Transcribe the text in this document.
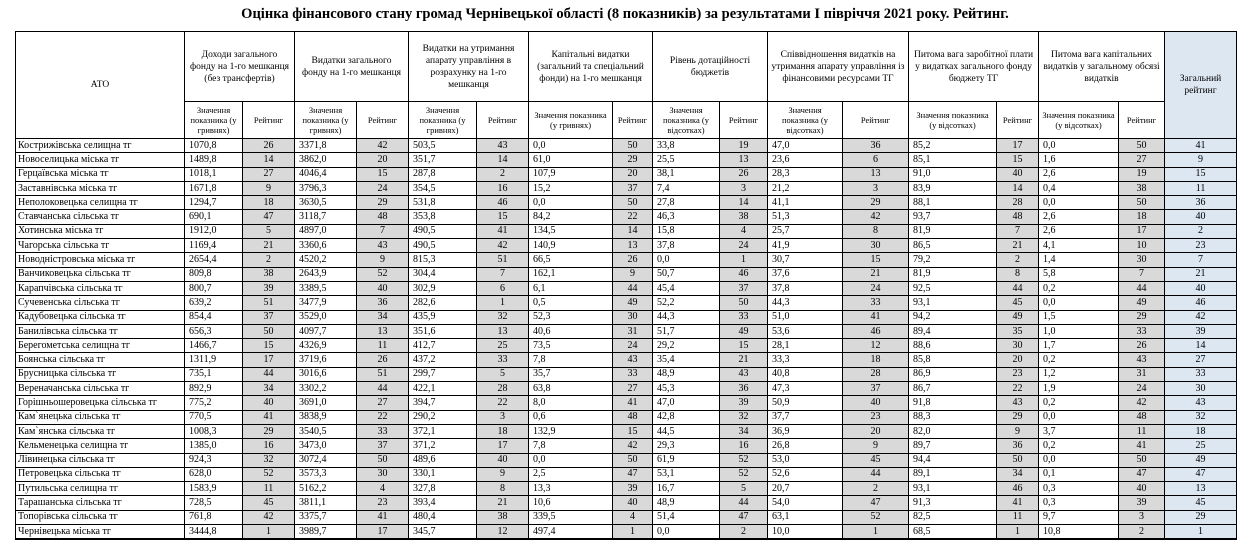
Оцінка фінансового стану громад Чернівецької області (8 показників) за результатами І півріччя 2021 року. Рейтинг.
АТО	Доходи загального фонду на 1-го мешканця (без трансфертів)		Видатки загального фонду на 1-го мешканця		Видатки на утримання апарату управління в розрахунку на 1-го мешканця		Капітальні видатки (загальний та спеціальний фонди) на 1-го мешканця		Рівень дотаційності бюджетів		Співвідношення видатків на утримання апарату управління із фінансовими ресурсами ТГ		Питома вага заробітної плати у видатках загального фонду бюджету ТГ		Питома вага капітальних видатків у загальному обсязі видатків		Загальний рейтинг
	Значення показника (у гривнях)	Рейтинг	Значення показника (у гривнях)	Рейтинг	Значення показника (у гривнях)	Рейтинг	Значення показника (у гривнях)	Рейтинг	Значення показника (у відсотках)	Рейтинг	Значення показника (у відсотках)	Рейтинг	Значення показника (у відсотках)	Рейтинг	Значення показника (у відсотках)	Рейтинг	
Кострижівська селищна тг	1070,8	26	3371,8	42	503,5	43	0,0	50	33,8	19	47,0	36	85,2	17	0,0	50	41
Новоселицька міська тг	1489,8	14	3862,0	20	351,7	14	61,0	29	25,5	13	23,6	6	85,1	15	1,6	27	9
Герцаївська міська тг	1018,1	27	4046,4	15	287,8	2	107,9	20	38,1	26	28,3	13	91,0	40	2,6	19	15
Заставнівська міська тг	1671,8	9	3796,3	24	354,5	16	15,2	37	7,4	3	21,2	3	83,9	14	0,4	38	11
Неполоковецька селищна тг	1294,7	18	3630,5	29	531,8	46	0,0	50	27,8	14	41,1	29	88,1	28	0,0	50	36
Ставчанська сільська тг	690,1	47	3118,7	48	353,8	15	84,2	22	46,3	38	51,3	42	93,7	48	2,6	18	40
Хотинська міська тг	1912,0	5	4897,0	7	490,5	41	134,5	14	15,8	4	25,7	8	81,9	7	2,6	17	2
Чагорська сільська тг	1169,4	21	3360,6	43	490,5	42	140,9	13	37,8	24	41,9	30	86,5	21	4,1	10	23
Новодністровська міська тг	2654,4	2	4520,2	9	815,3	51	66,5	26	0,0	1	30,7	15	79,2	2	1,4	30	7
Ванчиковецька сільська тг	809,8	38	2643,9	52	304,4	7	162,1	9	50,7	46	37,6	21	81,9	8	5,8	7	21
Карапчівська сільська тг	800,7	39	3389,5	40	302,9	6	6,1	44	45,4	37	37,8	24	92,5	44	0,2	44	40
Сучевенська сільська тг	639,2	51	3477,9	36	282,6	1	0,5	49	52,2	50	44,3	33	93,1	45	0,0	49	46
Кадубовецька сільська тг	854,4	37	3529,0	34	435,9	32	52,3	30	44,3	33	51,0	41	94,2	49	1,5	29	42
Банилівська сільська тг	656,3	50	4097,7	13	351,6	13	40,6	31	51,7	49	53,6	46	89,4	35	1,0	33	39
Берегометська селищна тг	1466,7	15	4326,9	11	412,7	25	73,5	24	29,2	15	28,1	12	88,6	30	1,7	26	14
Боянська сільська тг	1311,9	17	3719,6	26	437,2	33	7,8	43	35,4	21	33,3	18	85,8	20	0,2	43	27
Брусницька сільська тг	735,1	44	3016,6	51	299,7	5	35,7	33	48,9	43	40,8	28	86,9	23	1,2	31	33
Вереначанська сільська тг	892,9	34	3302,2	44	422,1	28	63,8	27	45,3	36	47,3	37	86,7	22	1,9	24	30
Горішньошеровецька сільська тг	775,2	40	3691,0	27	394,7	22	8,0	41	47,0	39	50,9	40	91,8	43	0,2	42	43
Кам`янецька сільська тг	770,5	41	3838,9	22	290,2	3	0,6	48	42,8	32	37,7	23	88,3	29	0,0	48	32
Кам`янська сільська тг	1008,3	29	3540,5	33	372,1	18	132,9	15	44,5	34	36,9	20	82,0	9	3,7	11	18
Кельменецька селищна тг	1385,0	16	3473,0	37	371,2	17	7,8	42	29,3	16	26,8	9	89,7	36	0,2	41	25
Лівинецька сільська тг	924,3	32	3072,4	50	489,6	40	0,0	50	61,9	52	53,0	45	94,4	50	0,0	50	49
Петровецька сільська тг	628,0	52	3573,3	30	330,1	9	2,5	47	53,1	52	52,6	44	89,1	34	0,1	47	47
Путильська селищна тг	1583,9	11	5162,2	4	327,8	8	13,3	39	16,7	5	20,7	2	93,1	46	0,3	40	13
Тарашанська сільська тг	728,5	45	3811,1	23	393,4	21	10,6	40	48,9	44	54,0	47	91,3	41	0,3	39	45
Топорівська сільська тг	761,8	42	3375,7	41	480,4	38	339,5	4	51,4	47	63,1	52	82,5	11	9,7	3	29
Чернівецька міська тг	3444,8	1	3989,7	17	345,7	12	497,4	1	0,0	2	10,0	1	68,5	1	10,8	2	1
